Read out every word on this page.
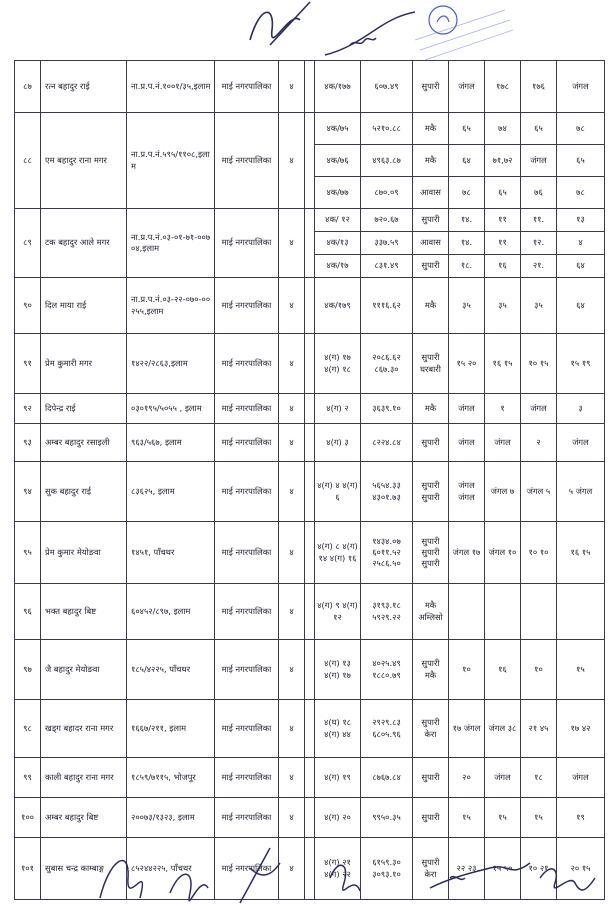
८७	रत्न बहादुर राई	ना.प्र.प.नं.१००१/३५,इलाम	माई नगरपालिका	४		४क/१७७	६०७.४९	सुपारी	जंगल	१७८	१७६	जंगल
८८	एम बहादुर राना मगर	ना.प्र.प.नं.५९५/११०८,इलाम	माई नगरपालिका	४		४क/७५	५२१०.८८	मकै	६५	७४	६५	७८
						४क/७६	४९६३.८७	मकै	६४	७१,७२	जंगल	६५
						४क/७७	८७०.०९	आवास	७८	६५	७६	७८
८९	टक बहादुर आले मगर	ना.प्र.प.नं.०३-०१-७१-००७०४,इलाम	माई नगरपालिका	४		४क/ १२	७२०.६७	सुपारी	१४.	११	११.	१३
						४क/१३	३३७.५९	आवास	१४.	११	१२.	४
						४क/१७	८३१.४९	सुपारी	१८.	१६	२१.	६४
९०	दिल माया राई	ना.प्र.प.नं.०३-२२-०७०-००२५५,इलाम	माई नगरपालिका	४		४क/१७९	१११६.६२	मकै	३५	३५	३५	६४
९१	प्रेम कुमारी मगर	१४२२/२८६३,इलाम	माई नगरपालिका	४		४(ग) १७ ४(ग) १८	२०८६.६२ ८६७.३०	सुपारी घरबारी	१५ २०	१६ १५	१० १५	१५ १९
९२	दिपेन्द्र राई	०३०१९५/५०५५ , इलाम	माई नगरपालिका	४		४(ग) २	३६३९.१०	मकै	जंगल	१	जंगल	३
९३	अम्बर बहादुर रसाइली	९६३/५६७, इलाम	माई नगरपालिका	४		४(ग) ३	८२२४.८४	सुपारी	जंगल	जंगल	२	जंगल
९४	सुक बहादुर राई	८३६२५, इलाम	माई नगरपालिका	४		४(ग) ४ ४(ग) ६	५६५४.३३ ४३०१.७३	सुपारी सुपारी	जंगल जंगल	जंगल ७	जंगल ५	५ जंगल
९५	प्रेम कुमार मेयोङवा	१४५१, पाँचथर	माई नगरपालिका	४		४(ग) ८ ४(ग) १४ ४(ग) १६	१४३४.०७ ६०११.५२ २५८६.५०	सुपारी सुपारी सुपारी	जंगल १७	जंगल १०	१० १०	१६ १५
९६	भक्त बहादुर बिष्ट	६०४५२/८९७, इलाम	माई नगरपालिका	४		४(ग) ९ ४(ग) १२	३१९३.१८ ५९२९.२२	मकै अम्लिसो				
९७	जै बहादुर मेयोङवा	१८५/४२२५, पाँचथर	माई नगरपालिका	४		४(ग) १३ ४(ग) १७	४०२५.४९ १८८०.७९	सुपारी मकै	१०	१६	१०	१५
९८	खड्ग बहादर राना मगर	१६६७/२११, इलाम	माई नगरपालिका	४		४(घ) १८ ४(ग) ४४	२९२९.८३ ६८०५.९६	सुपारी केरा	१७ जंगल	जंगल ३८	२१ ४५	१७ ४२
९९	काली बहादुर राना मगर	१८५९/७११५, भोजपुर	माई नगरपालिका	४		४(ग) १९	८७६७.८४	सुपारी	२०	जंगल	१८	जंगल
१००	अम्बर बहादुर बिष्ट	२००७३/१३२३, इलाम	माई नगरपालिका	४		४(ग) २०	९९५०.३५	सुपारी	१५	१५	१५	१९
१०१	सुबास चन्द्र काम्बाङ्ग	८५२४४२२५, पाँचथर	माई नगरपालिका	४		४(ग) २१ ४(ग) २२	६१५९.३० ३०९३.१०	सुपारी केरा	२२ २३	१५ ५०	१० २१	२० १५
